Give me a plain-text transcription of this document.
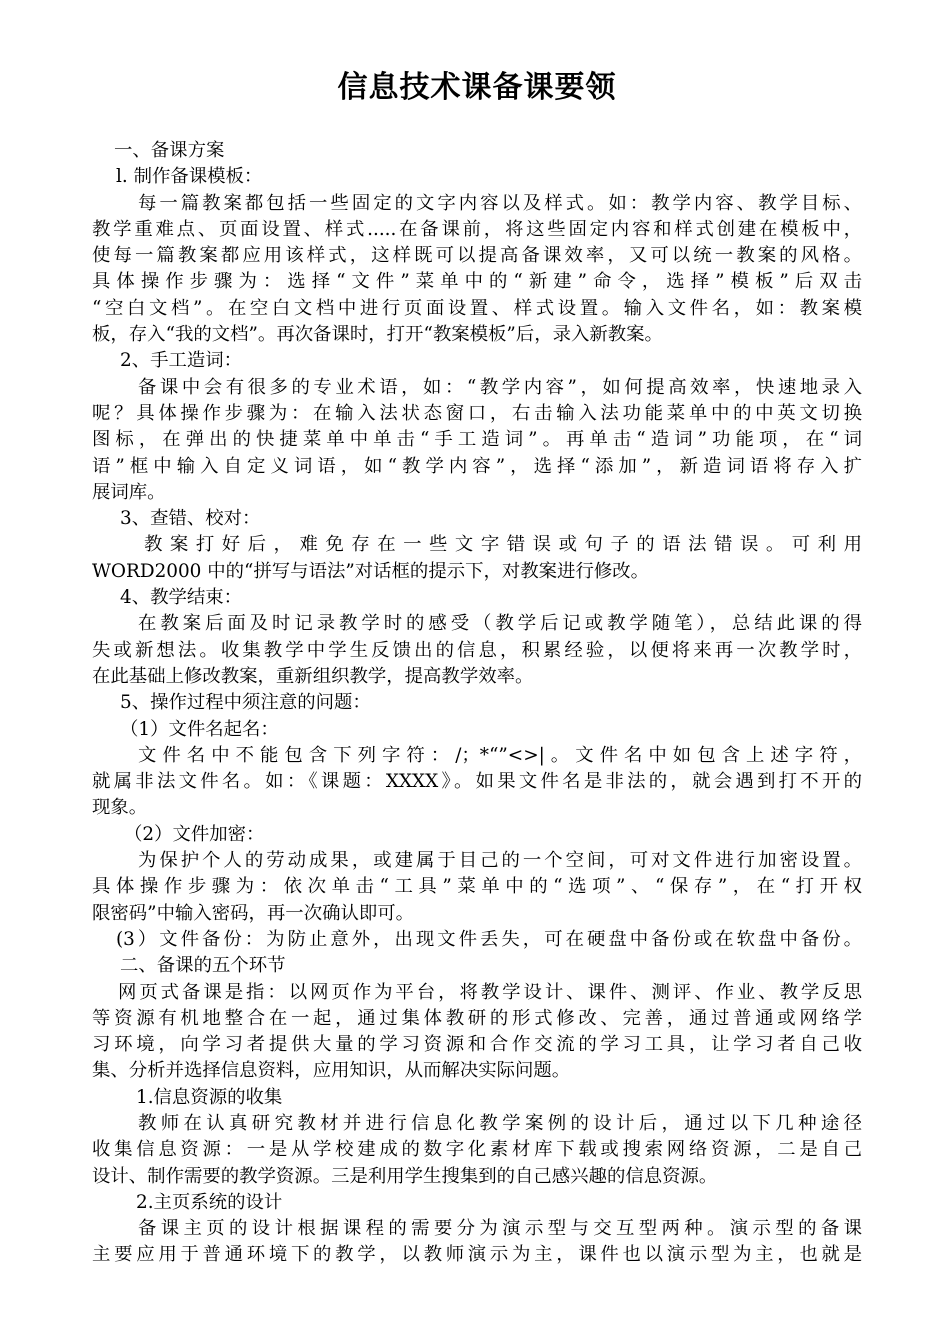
信息技术课备课要领
一、备课方案
l. 制作备课模板：
每一篇教案都包括一些固定的文字内容以及样式。如：教学内容、教学目标、
教学重难点、页面设置、样式.....在备课前，将这些固定内容和样式创建在模板中，
使每一篇教案都应用该样式，这样既可以提高备课效率，又可以统一教案的风格。
具体操作步骤为：选择“文件”菜单中的“新建”命令，选择”模板”后双击
“空白文档”。在空白文档中进行页面设置、样式设置。输入文件名，如：教案模
板，存入“我的文档”。再次备课时，打开“教案模板”后，录入新教案。
2、手工造词：
备课中会有很多的专业术语，如：“教学内容”，如何提高效率，快速地录入
呢？具体操作步骤为：在输入法状态窗口，右击输入法功能菜单中的中英文切换
图标，在弹出的快捷菜单中单击“手工造词”。再单击“造词”功能项，在“词
语”框中输入自定义词语，如“教学内容”，选择“添加”，新造词语将存入扩
展词库。
3、查错、校对：
教案打好后，难免存在一些文字错误或句子的语法错误。可利用
WORD2000 中的“拼写与语法”对话框的提示下，对教案进行修改。
4、教学结束：
在教案后面及时记录教学时的感受（教学后记或教学随笔），总结此课的得
失或新想法。收集教学中学生反馈出的信息，积累经验，以便将来再一次教学时，
在此基础上修改教案，重新组织教学，提高教学效率。
5、操作过程中须注意的问题：
（1）文件名起名：
文件名中不能包含下列字符：/；*“”<>|。文件名中如包含上述字符，
就属非法文件名。如：《课题：XXXX》。如果文件名是非法的，就会遇到打不开的
现象。
（2）文件加密：
为保护个人的劳动成果，或建属于目己的一个空间，可对文件进行加密设置。
具体操作步骤为：依次单击“工具”菜单中的“选项”、“保存”，在“打开权
限密码”中输入密码，再一次确认即可。
(3）文件备份：为防止意外，出现文件丢失，可在硬盘中备份或在软盘中备份。
二、备课的五个环节
网页式备课是指：以网页作为平台，将教学设计、课件、测评、作业、教学反思
等资源有机地整合在一起，通过集体教研的形式修改、完善，通过普通或网络学
习环境，向学习者提供大量的学习资源和合作交流的学习工具，让学习者自己收
集、分析并选择信息资料，应用知识，从而解决实际问题。
1.信息资源的收集
教师在认真研究教材并进行信息化教学案例的设计后，通过以下几种途径
收集信息资源：一是从学校建成的数字化素材库下载或搜索网络资源，二是自己
设计、制作需要的教学资源。三是利用学生搜集到的自己感兴趣的信息资源。
2.主页系统的设计
备课主页的设计根据课程的需要分为演示型与交互型两种。演示型的备课
主要应用于普通环境下的教学，以教师演示为主，课件也以演示型为主，也就是
